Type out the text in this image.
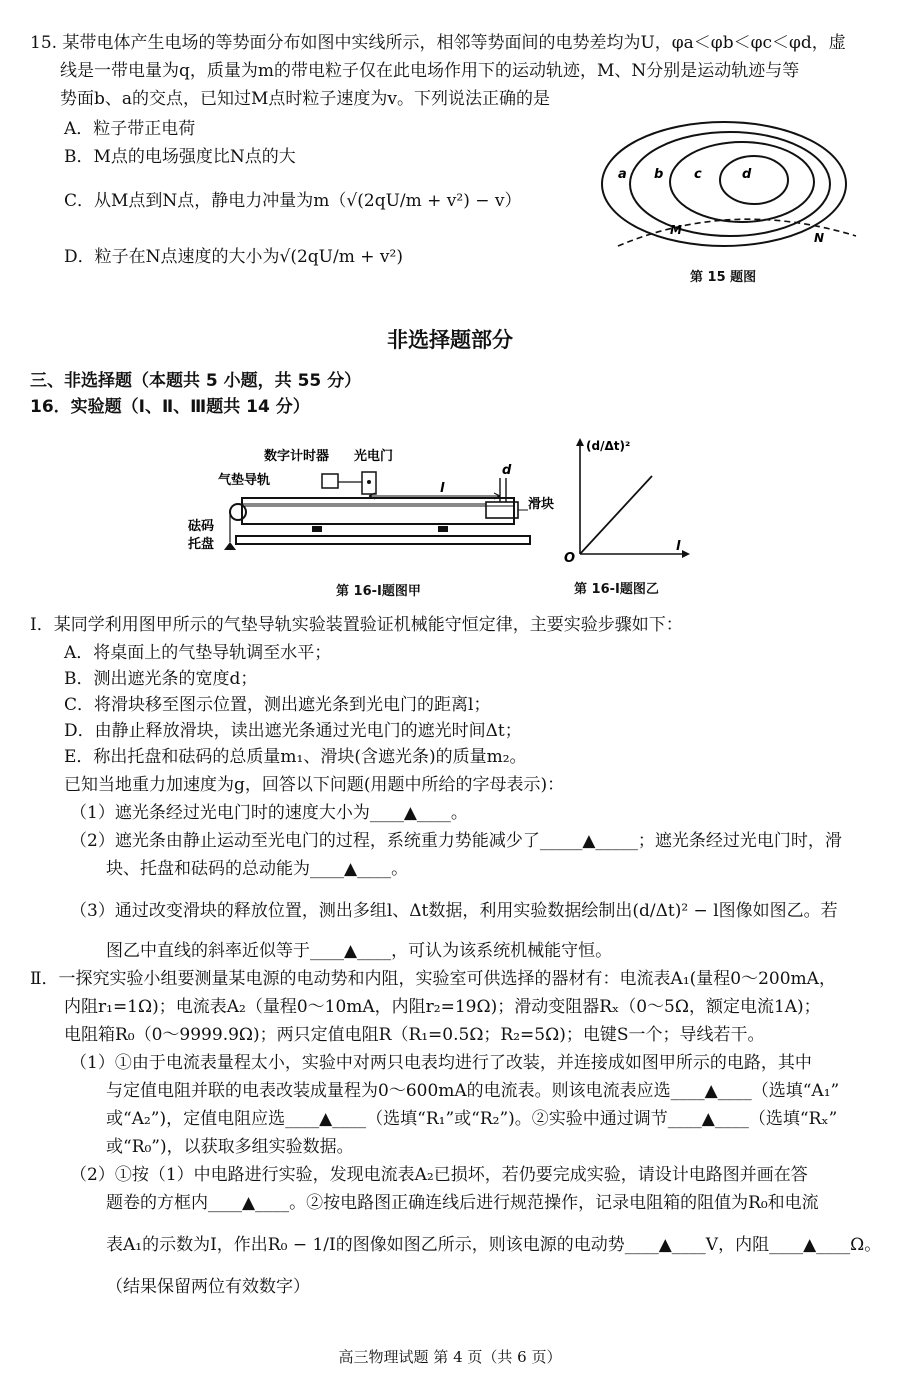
15. 某带电体产生电场的等势面分布如图中实线所示，相邻等势面间的电势差均为U，φa＜φb＜φc＜φd，虚
线是一带电量为q，质量为m的带电粒子仅在此电场作用下的运动轨迹，M、N分别是运动轨迹与等
势面b、a的交点，已知过M点时粒子速度为v。下列说法正确的是
A．粒子带正电荷
B．M点的电场强度比N点的大
C．从M点到N点，静电力冲量为m（√(2qU/m + v²) − v）
D．粒子在N点速度的大小为√(2qU/m + v²)
a b c	d
M
N
第 15 题图
非选择题部分
三、非选择题（本题共 5 小题，共 55 分）
16．实验题（Ⅰ、Ⅱ、Ⅲ题共 14 分）
数字计时器 光电门
气垫导轨
砝码
托盘
滑块
d
l
第 16-Ⅰ题图甲
(d/Δt)²
l
O
第 16-Ⅰ题图乙
Ⅰ．某同学利用图甲所示的气垫导轨实验装置验证机械能守恒定律，主要实验步骤如下：
A．将桌面上的气垫导轨调至水平；
B．测出遮光条的宽度d；
C．将滑块移至图示位置，测出遮光条到光电门的距离l；
D．由静止释放滑块，读出遮光条通过光电门的遮光时间Δt；
E．称出托盘和砝码的总质量m₁、滑块(含遮光条)的质量m₂。
已知当地重力加速度为g，回答以下问题(用题中所给的字母表示)：
（1）遮光条经过光电门时的速度大小为____▲____。
（2）遮光条由静止运动至光电门的过程，系统重力势能减少了_____▲_____；遮光条经过光电门时，滑
块、托盘和砝码的总动能为____▲____。
（3）通过改变滑块的释放位置，测出多组l、Δt数据，利用实验数据绘制出(d/Δt)² − l图像如图乙。若
图乙中直线的斜率近似等于____▲____，可认为该系统机械能守恒。
Ⅱ．一探究实验小组要测量某电源的电动势和内阻，实验室可供选择的器材有：电流表A₁(量程0～200mA，
内阻r₁=1Ω)；电流表A₂（量程0～10mA，内阻r₂=19Ω)；滑动变阻器Rₓ（0～5Ω，额定电流1A)；
电阻箱R₀（0～9999.9Ω)；两只定值电阻R（R₁=0.5Ω；R₂=5Ω)；电键S一个；导线若干。
（1）①由于电流表量程太小，实验中对两只电表均进行了改装，并连接成如图甲所示的电路，其中
与定值电阻并联的电表改装成量程为0～600mA的电流表。则该电流表应选____▲____（选填“A₁”
或“A₂”)，定值电阻应选____▲____（选填“R₁”或“R₂”)。②实验中通过调节____▲____（选填“Rₓ”
或“R₀”)，以获取多组实验数据。
（2）①按（1）中电路进行实验，发现电流表A₂已损坏，若仍要完成实验，请设计电路图并画在答
题卷的方框内____▲____。②按电路图正确连线后进行规范操作，记录电阻箱的阻值为R₀和电流
表A₁的示数为I，作出R₀ − 1/I的图像如图乙所示，则该电源的电动势____▲____V，内阻____▲____Ω。
（结果保留两位有效数字）
高三物理试题 第 4 页（共 6 页）
